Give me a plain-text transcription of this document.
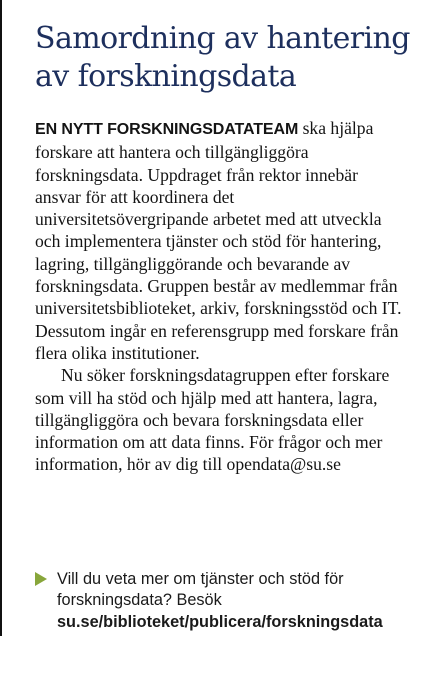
Samordning av hantering av forskningsdata

EN NYTT FORSKNINGSDATATEAM ska hjälpa forskare att hantera och tillgängliggöra forskningsdata. Uppdraget från rektor innebär ansvar för att koordinera det universitetsövergripande arbetet med att utveckla och implementera tjänster och stöd för hantering, lagring, tillgängliggörande och bevarande av forskningsdata. Gruppen består av medlemmar från universitetsbiblioteket, arkiv, forskningsstöd och IT. Dessutom ingår en referensgrupp med forskare från flera olika institutioner.

Nu söker forskningsdatagruppen efter forskare som vill ha stöd och hjälp med att hantera, lagra, tillgängliggöra och bevara forskningsdata eller information om att data finns. För frågor och mer information, hör av dig till opendata@su.se

Vill du veta mer om tjänster och stöd för forskningsdata? Besök su.se/biblioteket/publicera/forskningsdata
